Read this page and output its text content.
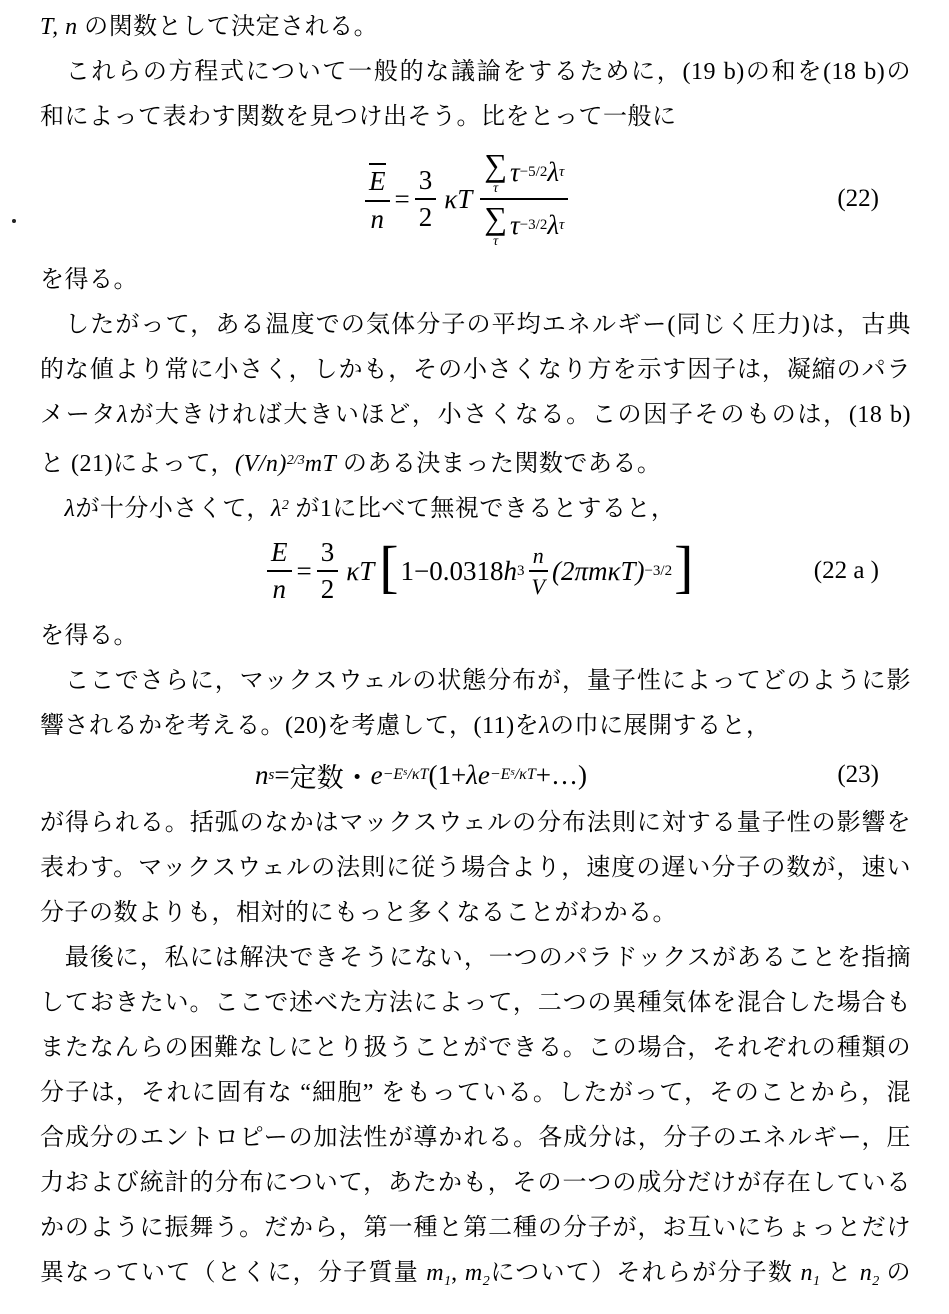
T, n の関数として決定される。
　これらの方程式について一般的な議論をするために，(19 b)の和を(18 b)の
和によって表わす関数を見つけ出そう。比をとって一般に
$\frac{E}{n} = \frac{3}{2}$ κT ∑
τ
τ −5/2 λ τ
∑
τ
τ −3/2 λ τ	(22)
を得る。
　したがって，ある温度での気体分子の平均エネルギー(同じく圧力)は，古典
的な値より常に小さく，しかも，その小さくなり方を示す因子は，凝縮のパラ
メータλが大きければ大きいほど，小さくなる。この因子そのものは，(18 b)
と (21)によって，$(V/n)^{2/3}mT$ のある決まった関数である。
　λが十分小さくて，$\lambda^2$ が1に比べて無視できるとすると，
$\frac{E}{n} = \frac{3}{2}$ κT [ 1−0.0318 h $3 \frac{n}{V} (2\pi m\kappa T) -3/2$ ]	(22 a )
を得る。
　ここでさらに，マックスウェルの状態分布が，量子性によってどのように影
響されるかを考える。(20)を考慮して，(11)をλの巾に展開すると，
n s = 定数 ・ $e -E^s/\kappa T$ (1+ λ $e -E^s/\kappa T$ +…)	(23)
が得られる。括弧のなかはマックスウェルの分布法則に対する量子性の影響を
表わす。マックスウェルの法則に従う場合より，速度の遅い分子の数が，速い
分子の数よりも，相対的にもっと多くなることがわかる。
　最後に，私には解決できそうにない，一つのパラドックスがあることを指摘
しておきたい。ここで述べた方法によって，二つの異種気体を混合した場合も
またなんらの困難なしにとり扱うことができる。この場合，それぞれの種類の
分子は，それに固有な “細胞” をもっている。したがって，そのことから，混
合成分のエントロピーの加法性が導かれる。各成分は，分子のエネルギー，圧
力および統計的分布について，あたかも，その一つの成分だけが存在している
かのように振舞う。だから，第一種と第二種の分子が，お互いにちょっとだけ
異なっていて（とくに，分子質量 $m_1$, $m_2$について）それらが分子数 $n_1$ と $n_2$ の
